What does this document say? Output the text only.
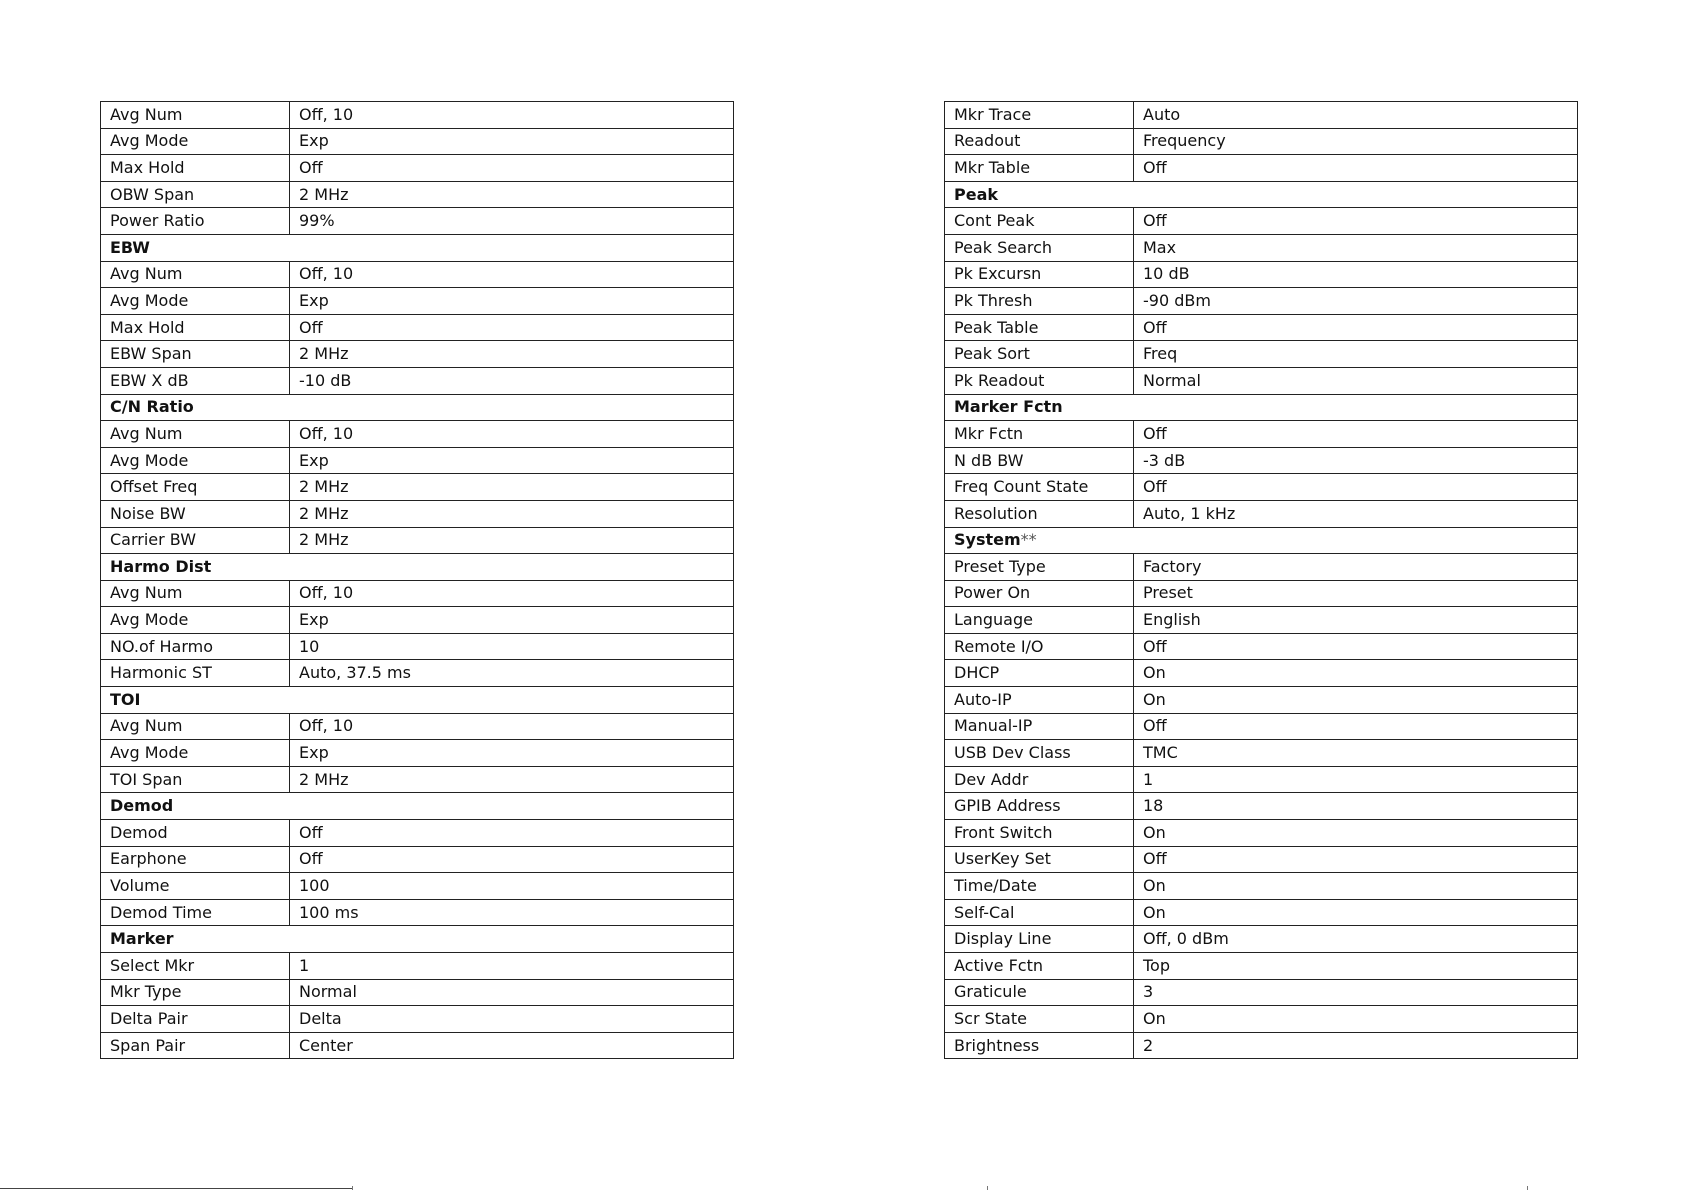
Avg Num	Off, 10
Avg Mode	Exp
Max Hold	Off
OBW Span	2 MHz
Power Ratio	99%
EBW	
Avg Num	Off, 10
Avg Mode	Exp
Max Hold	Off
EBW Span	2 MHz
EBW X dB	-10 dB
C/N Ratio	
Avg Num	Off, 10
Avg Mode	Exp
Offset Freq	2 MHz
Noise BW	2 MHz
Carrier BW	2 MHz
Harmo Dist	
Avg Num	Off, 10
Avg Mode	Exp
NO.of Harmo	10
Harmonic ST	Auto, 37.5 ms
TOI	
Avg Num	Off, 10
Avg Mode	Exp
TOI Span	2 MHz
Demod	
Demod	Off
Earphone	Off
Volume	100
Demod Time	100 ms
Marker	
Select Mkr	1
Mkr Type	Normal
Delta Pair	Delta
Span Pair	Center
Mkr Trace	Auto
Readout	Frequency
Mkr Table	Off
Peak	
Cont Peak	Off
Peak Search	Max
Pk Excursn	10 dB
Pk Thresh	-90 dBm
Peak Table	Off
Peak Sort	Freq
Pk Readout	Normal
Marker Fctn	
Mkr Fctn	Off
N dB BW	-3 dB
Freq Count State	Off
Resolution	Auto, 1 kHz
System**	
Preset Type	Factory
Power On	Preset
Language	English
Remote I/O	Off
DHCP	On
Auto-IP	On
Manual-IP	Off
USB Dev Class	TMC
Dev Addr	1
GPIB Address	18
Front Switch	On
UserKey Set	Off
Time/Date	On
Self-Cal	On
Display Line	Off, 0 dBm
Active Fctn	Top
Graticule	3
Scr State	On
Brightness	2
